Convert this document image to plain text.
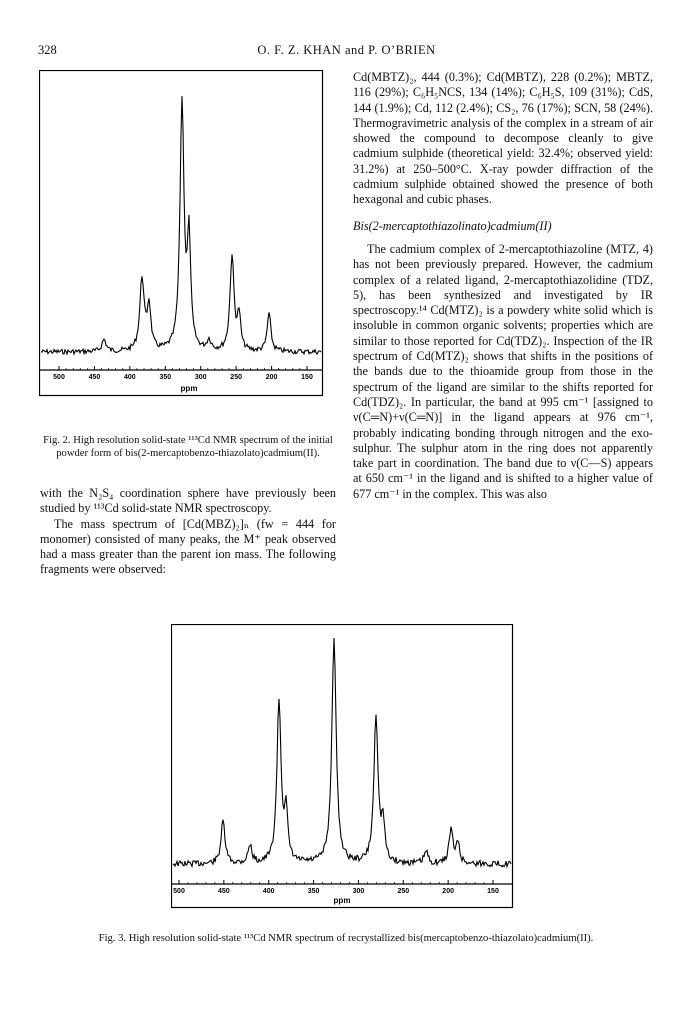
328	O. F. Z. KHAN and P. O’BRIEN
500	450	400	350	300	250	200	150
ppm
Fig. 2. High resolution solid-state ¹¹³Cd NMR spectrum of the initial powder form of bis(2-mercaptobenzo-thiazolato)cadmium(II).

with the N₂S₄ coordination sphere have previously been studied by ¹¹³Cd solid-state NMR spectroscopy.

The mass spectrum of [Cd(MBZ)₂]ₙ (fw = 444 for monomer) consisted of many peaks, the M⁺ peak observed had a mass greater than the parent ion mass. The following fragments were observed:

Cd(MBTZ)₂, 444 (0.3%); Cd(MBTZ), 228 (0.2%); MBTZ, 116 (29%); C₆H₅NCS, 134 (14%); C₆H₅S, 109 (31%); CdS, 144 (1.9%); Cd, 112 (2.4%); CS₂, 76 (17%); SCN, 58 (24%). Thermogravimetric analysis of the complex in a stream of air showed the compound to decompose cleanly to give cadmium sulphide (theoretical yield: 32.4%; observed yield: 31.2%) at 250–500°C. X-ray powder diffraction of the cadmium sulphide obtained showed the presence of both hexagonal and cubic phases.

Bis(2-mercaptothiazolinato)cadmium(II)

The cadmium complex of 2-mercaptothiazoline (MTZ, 4) has not been previously prepared. However, the cadmium complex of a related ligand, 2-mercaptothiazolidine (TDZ, 5), has been synthesized and investigated by IR spectroscopy.¹⁴ Cd(MTZ)₂ is a powdery white solid which is insoluble in common organic solvents; properties which are similar to those reported for Cd(TDZ)₂. Inspection of the IR spectrum of Cd(MTZ)₂ shows that shifts in the positions of the bands due to the thioamide group from those in the spectrum of the ligand are similar to the shifts reported for Cd(TDZ)₂. In particular, the band at 995 cm⁻¹ [assigned to ν(C═N)+ν(C═N)] in the ligand appears at 976 cm⁻¹, probably indicating bonding through nitrogen and the exo-sulphur. The sulphur atom in the ring does not apparently take part in coordination. The band due to ν(C—S) appears at 650 cm⁻¹ in the ligand and is shifted to a higher value of 677 cm⁻¹ in the complex. This was also

500	450	400	350	300	250	200	150
ppm
Fig. 3. High resolution solid-state ¹¹³Cd NMR spectrum of recrystallized bis(mercaptobenzo-thiazolato)cadmium(II).
